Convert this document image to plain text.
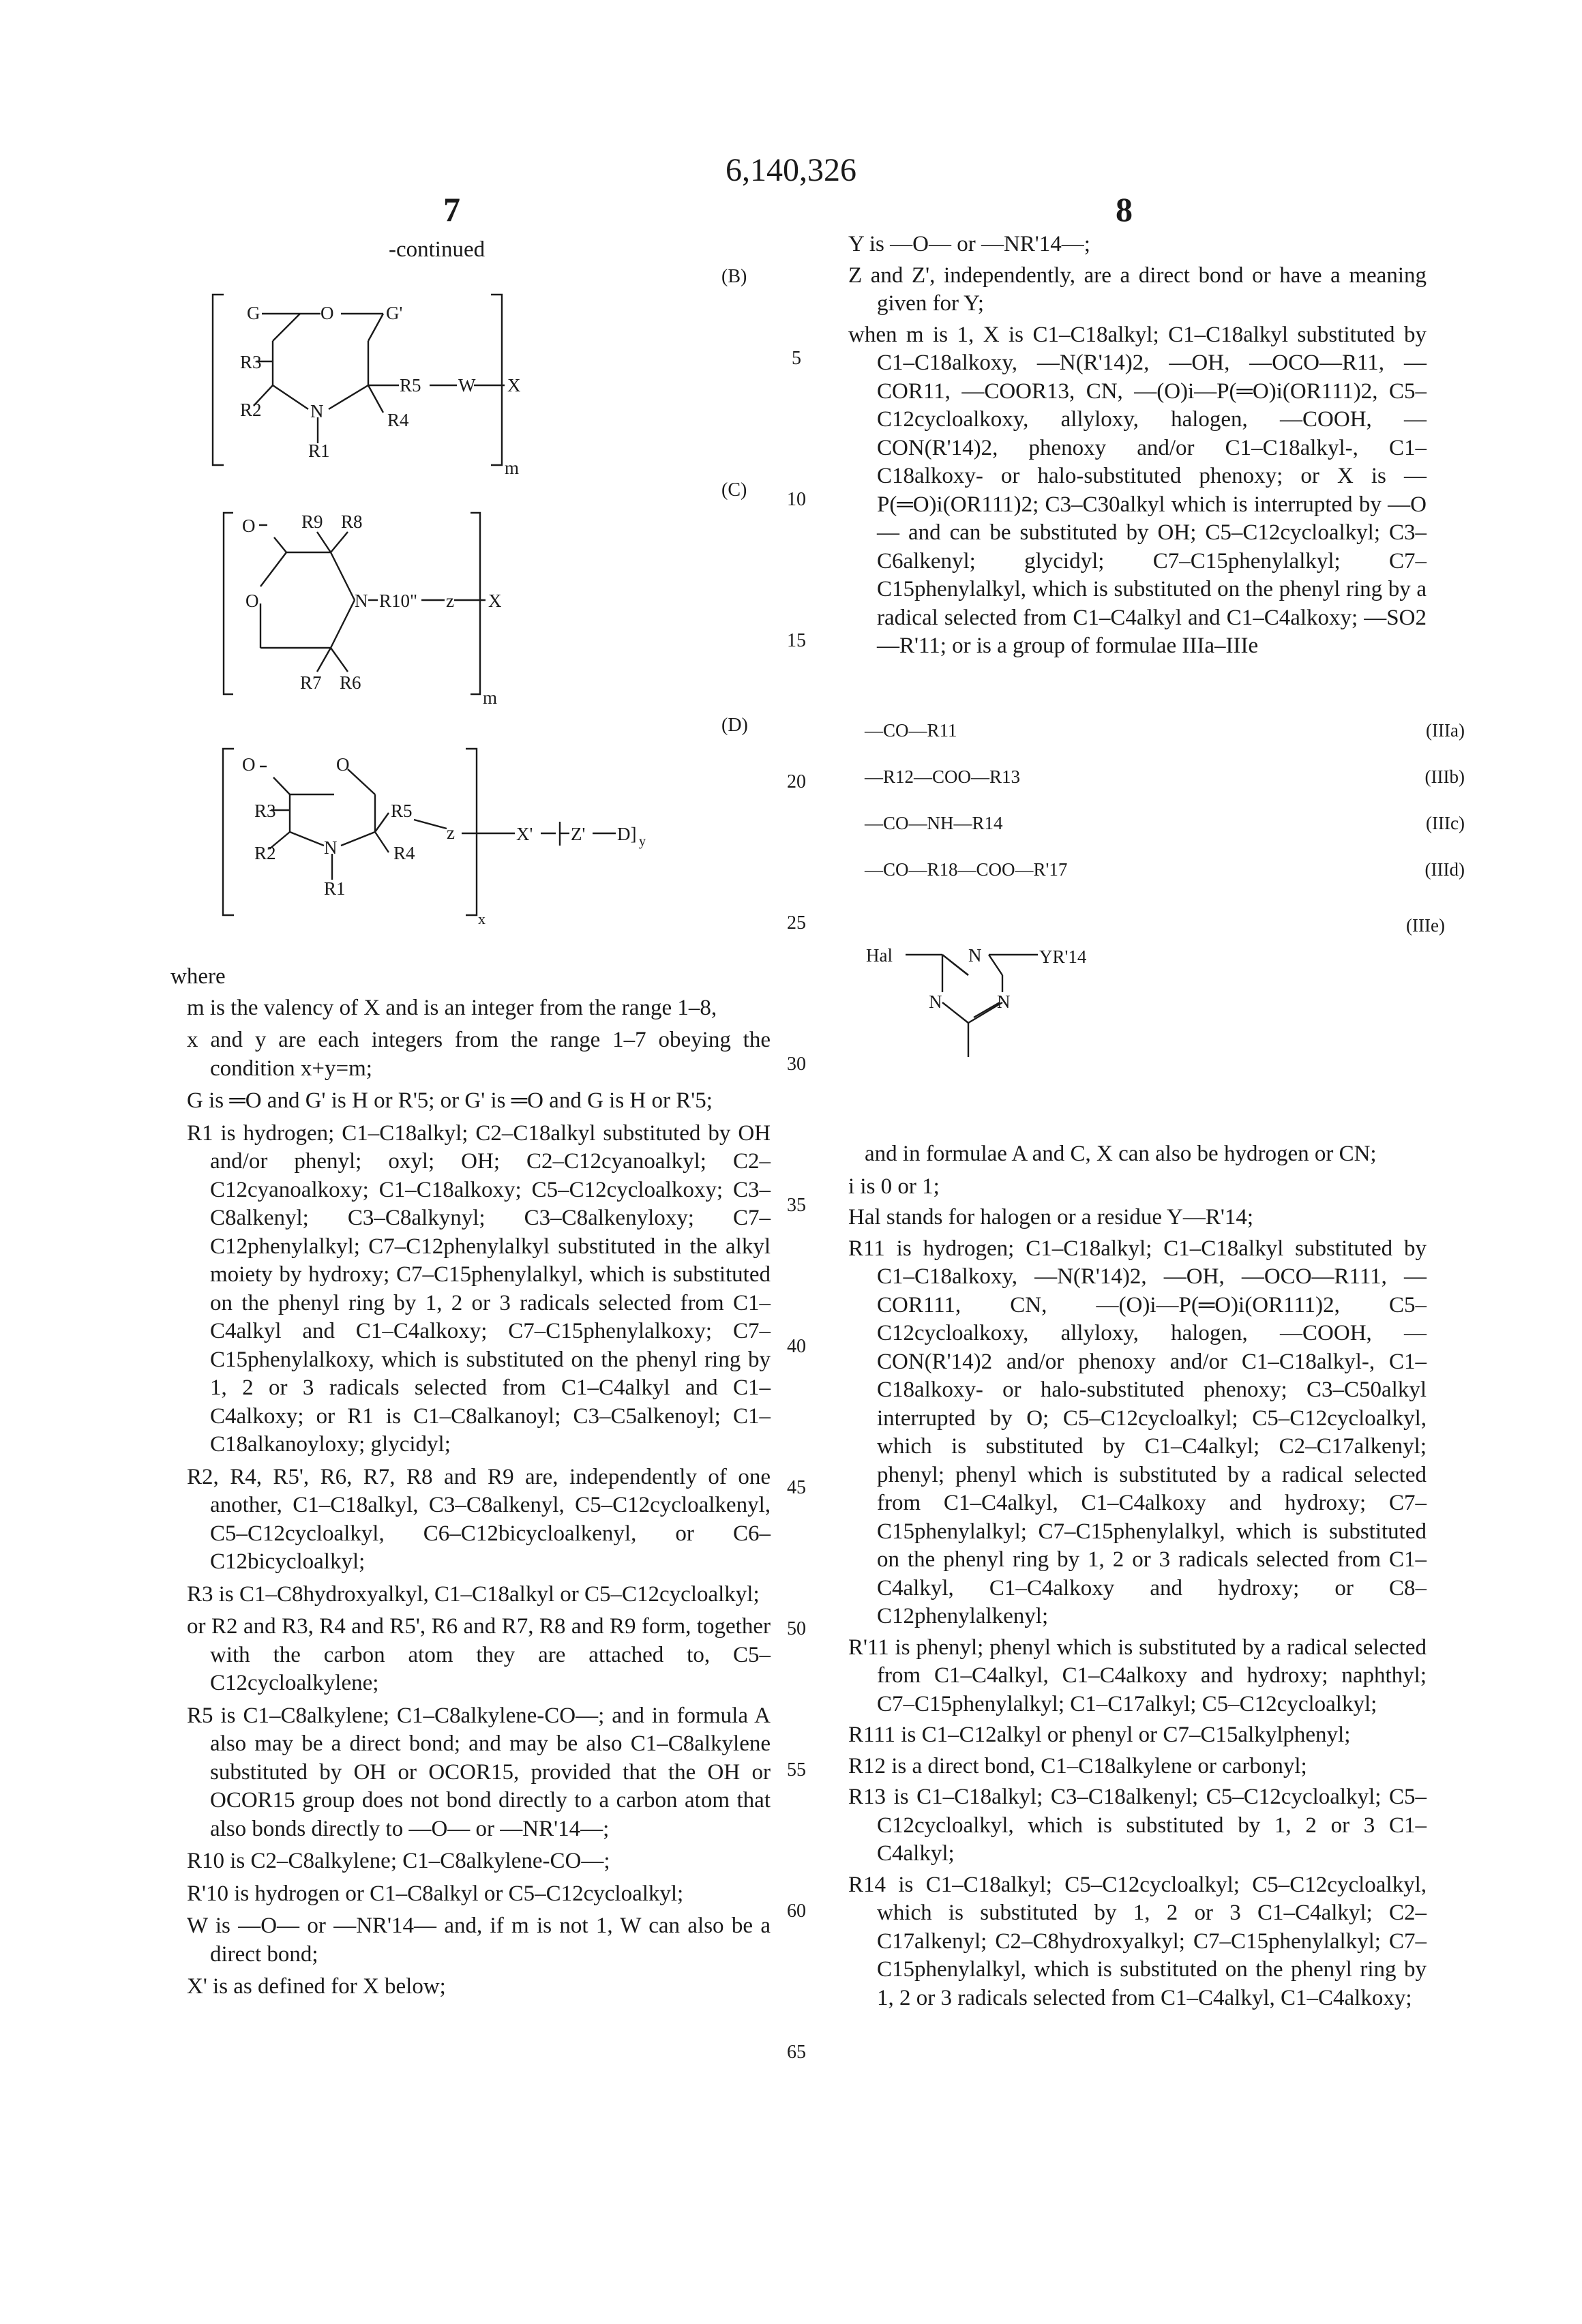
6,140,326
7	8
-continued
(B)
(C)
(D)
G	O	G'
R3
R2	N
R1
R5 W X
R4
m
O	R9 R8
O	N R10" z X
R7 R6
m
O	O
R3
R2
R5
N	R4
R1
z	X' Z' D] y
x
5
10
15
20
25
30
35
40
45
50
55
60
65

where

m is the valency of X and is an integer from the range 1–8,

x and y are each integers from the range 1–7 obeying the condition x+y=m;

G is ═O and G' is H or R'5; or G' is ═O and G is H or R'5;

R1 is hydrogen; C1–C18alkyl; C2–C18alkyl substituted by OH and/or phenyl; oxyl; OH; C2–C12cyanoalkyl; C2–C12cyanoalkoxy; C1–C18alkoxy; C5–C12cycloalkoxy; C3–C8alkenyl; C3–C8alkynyl; C3–C8alkenyloxy; C7–C12phenylalkyl; C7–C12phenylalkyl substituted in the alkyl moiety by hydroxy; C7–C15phenylalkyl, which is substituted on the phenyl ring by 1, 2 or 3 radicals selected from C1–C4alkyl and C1–C4alkoxy; C7–C15phenylalkoxy; C7–C15phenylalkoxy, which is substituted on the phenyl ring by 1, 2 or 3 radicals selected from C1–C4alkyl and C1–C4alkoxy; or R1 is C1–C8alkanoyl; C3–C5alkenoyl; C1–C18alkanoyloxy; glycidyl;

R2, R4, R5', R6, R7, R8 and R9 are, independently of one another, C1–C18alkyl, C3–C8alkenyl, C5–C12cycloalkenyl, C5–C12cycloalkyl, C6–C12bicycloalkenyl, or C6–C12bicycloalkyl;

R3 is C1–C8hydroxyalkyl, C1–C18alkyl or C5–C12cycloalkyl;

or R2 and R3, R4 and R5', R6 and R7, R8 and R9 form, together with the carbon atom they are attached to, C5–C12cycloalkylene;

R5 is C1–C8alkylene; C1–C8alkylene-CO—; and in formula A also may be a direct bond; and may be also C1–C8alkylene substituted by OH or OCOR15, provided that the OH or OCOR15 group does not bond directly to a carbon atom that also bonds directly to —O— or —NR'14—;

R10 is C2–C8alkylene; C1–C8alkylene-CO—;

R'10 is hydrogen or C1–C8alkyl or C5–C12cycloalkyl;

W is —O— or —NR'14— and, if m is not 1, W can also be a direct bond;

X' is as defined for X below;

Y is —O— or —NR'14—;

Z and Z', independently, are a direct bond or have a meaning given for Y;

when m is 1, X is C1–C18alkyl; C1–C18alkyl substituted by C1–C18alkoxy, —N(R'14)2, —OH, —OCO—R11, —COR11, —COOR13, CN, —(O)i—P(═O)i(OR111)2, C5–C12cycloalkoxy, allyloxy, halogen, —COOH, —CON(R'14)2, phenoxy and/or C1–C18alkyl-, C1–C18alkoxy- or halo-substituted phenoxy; or X is —P(═O)i(OR111)2; C3–C30alkyl which is interrupted by —O— and can be substituted by OH; C5–C12cycloalkyl; C3–C6alkenyl; glycidyl; C7–C15phenylalkyl; C7–C15phenylalkyl, which is substituted on the phenyl ring by a radical selected from C1–C4alkyl and C1–C4alkoxy; —SO2—R'11; or is a group of formulae IIIa–IIIe

—CO—R11	(IIIa)
—R12—COO—R13	(IIIb)
—CO—NH—R14	(IIIc)
—CO—R18—COO—R'17	(IIId)
(IIIe)
Hal	N
N	N
YR'14

and in formulae A and C, X can also be hydrogen or CN;

i is 0 or 1;

Hal stands for halogen or a residue Y—R'14;

R11 is hydrogen; C1–C18alkyl; C1–C18alkyl substituted by C1–C18alkoxy, —N(R'14)2, —OH, —OCO—R111, —COR111, CN, —(O)i—P(═O)i(OR111)2, C5–C12cycloalkoxy, allyloxy, halogen, —COOH, —CON(R'14)2 and/or phenoxy and/or C1–C18alkyl-, C1–C18alkoxy- or halo-substituted phenoxy; C3–C50alkyl interrupted by O; C5–C12cycloalkyl; C5–C12cycloalkyl, which is substituted by C1–C4alkyl; C2–C17alkenyl; phenyl; phenyl which is substituted by a radical selected from C1–C4alkyl, C1–C4alkoxy and hydroxy; C7–C15phenylalkyl; C7–C15phenylalkyl, which is substituted on the phenyl ring by 1, 2 or 3 radicals selected from C1–C4alkyl, C1–C4alkoxy and hydroxy; or C8–C12phenylalkenyl;

R'11 is phenyl; phenyl which is substituted by a radical selected from C1–C4alkyl, C1–C4alkoxy and hydroxy; naphthyl; C7–C15phenylalkyl; C1–C17alkyl; C5–C12cycloalkyl;

R111 is C1–C12alkyl or phenyl or C7–C15alkylphenyl;

R12 is a direct bond, C1–C18alkylene or carbonyl;

R13 is C1–C18alkyl; C3–C18alkenyl; C5–C12cycloalkyl; C5–C12cycloalkyl, which is substituted by 1, 2 or 3 C1–C4alkyl;

R14 is C1–C18alkyl; C5–C12cycloalkyl; C5–C12cycloalkyl, which is substituted by 1, 2 or 3 C1–C4alkyl; C2–C17alkenyl; C2–C8hydroxyalkyl; C7–C15phenylalkyl; C7–C15phenylalkyl, which is substituted on the phenyl ring by 1, 2 or 3 radicals selected from C1–C4alkyl, C1–C4alkoxy;
